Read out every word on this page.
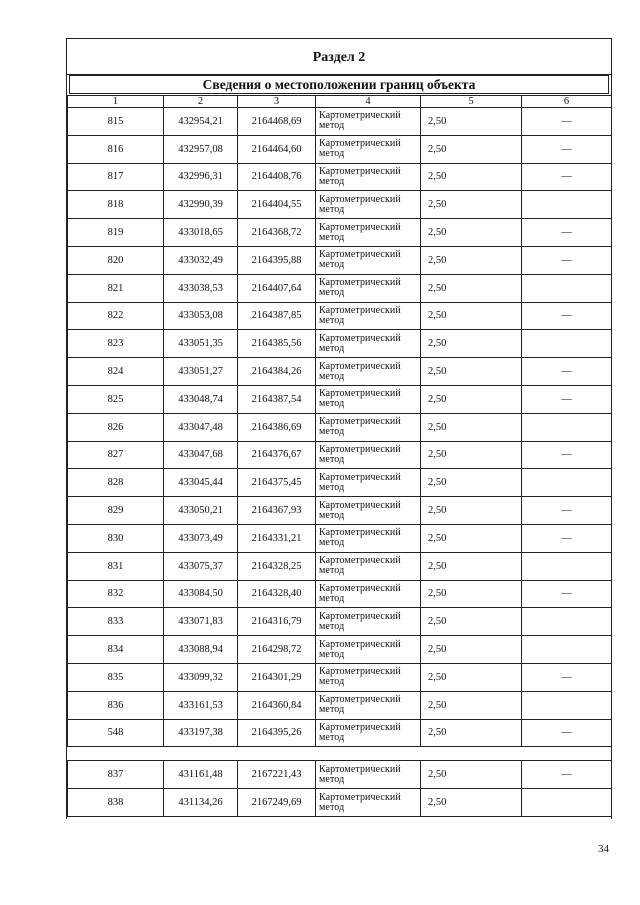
Раздел 2
Сведения о местоположении границ объекта
1	2	3	4	5	6
815	432954,21	2164468,69	Картометрический метод	2,50	—
816	432957,08	2164464,60	Картометрический метод	2,50	—
817	432996,31	2164408,76	Картометрический метод	2,50	—
818	432990,39	2164404,55	Картометрический метод	2,50	
819	433018,65	2164368,72	Картометрический метод	2,50	—
820	433032,49	2164395,88	Картометрический метод	2,50	—
821	433038,53	2164407,64	Картометрический метод	2,50	
822	433053,08	2164387,85	Картометрический метод	2,50	—
823	433051,35	2164385,56	Картометрический метод	2,50	
824	433051,27	2164384,26	Картометрический метод	2,50	—
825	433048,74	2164387,54	Картометрический метод	2,50	—
826	433047,48	2164386,69	Картометрический метод	2,50	
827	433047,68	2164376,67	Картометрический метод	2,50	—
828	433045,44	2164375,45	Картометрический метод	2,50	
829	433050,21	2164367,93	Картометрический метод	2,50	—
830	433073,49	2164331,21	Картометрический метод	2,50	—
831	433075,37	2164328,25	Картометрический метод	2,50	
832	433084,50	2164328,40	Картометрический метод	2,50	—
833	433071,83	2164316,79	Картометрический метод	2,50	
834	433088,94	2164298,72	Картометрический метод	2,50	
835	433099,32	2164301,29	Картометрический метод	2,50	—
836	433161,53	2164360,84	Картометрический метод	2,50	
548	433197,38	2164395,26	Картометрический метод	2,50	—

837	431161,48	2167221,43	Картометрический метод	2,50	—
838	431134,26	2167249,69	Картометрический метод	2,50	
34
